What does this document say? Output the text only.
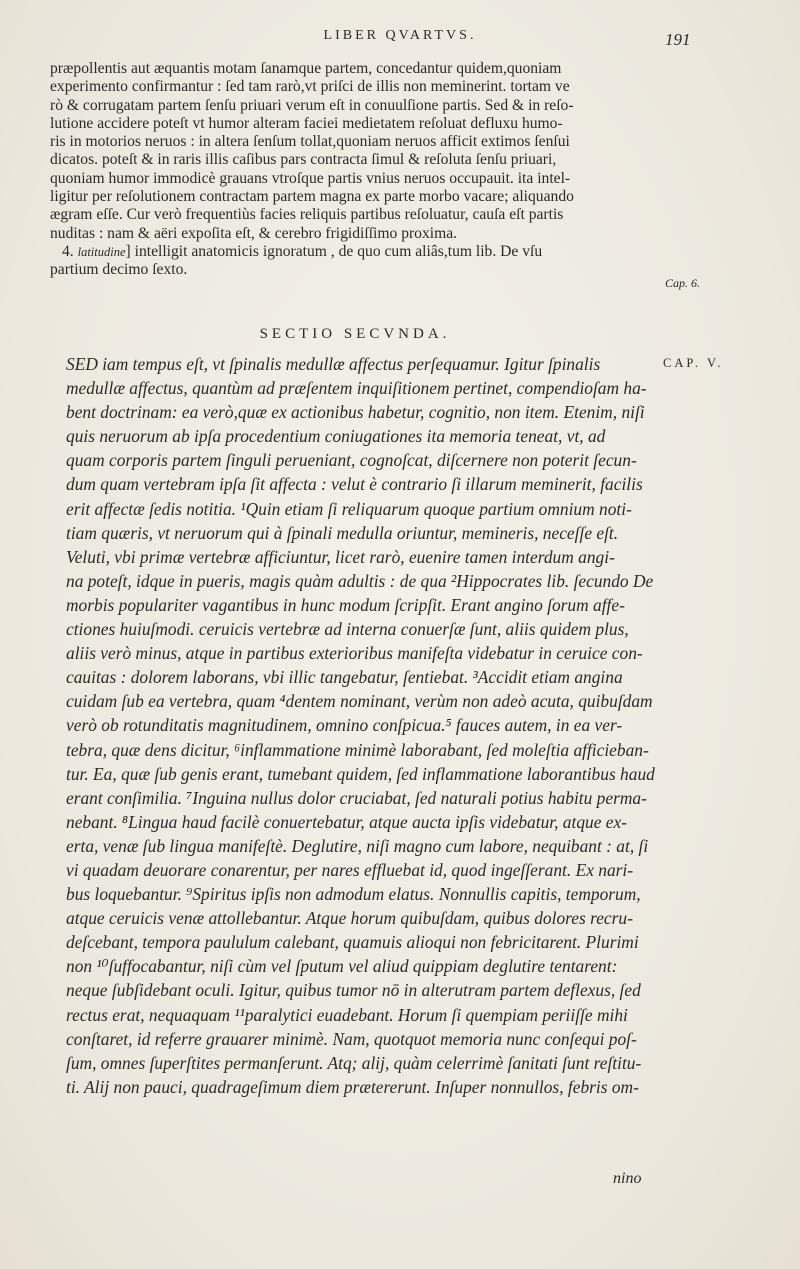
LIBER QVARTVS.	191
præpollentis aut æquantis motam ſanamque partem, concedantur quidem,quoniam
experimento confirmantur : ſed tam rarò,vt priſci de illis non meminerint. tortam ve
rò & corrugatam partem ſenſu priuari verum eſt in conuulſione partis. Sed & in reſo-
lutione accidere poteſt vt humor alteram faciei medietatem reſoluat defluxu humo-
ris in motorios neruos : in altera ſenſum tollat,quoniam neruos afficit extimos ſenſui
dicatos. poteſt & in raris illis caſibus pars contracta ſimul & reſoluta ſenſu priuari,
quoniam humor immodicè grauans vtroſque partis vnius neruos occupauit. ita intel-
ligitur per reſolutionem contractam partem magna ex parte morbo vacare; aliquando
ægram eſſe. Cur verò frequentiùs facies reliquis partibus reſoluatur, cauſa eſt partis
nuditas : nam & aëri expoſita eſt, & cerebro frigidiſſimo proxima.
4. latitudine] intelligit anatomicis ignoratum , de quo cum aliâs,tum lib. De vſu
partium decimo ſexto.
Cap. 6.
SECTIO SECVNDA.
CAP. V.
SED iam tempus eſt, vt ſpinalis medullæ affectus perſequamur. Igitur ſpinalis
medullæ affectus, quantùm ad præſentem inquiſitionem pertinet, compendioſam ha-
bent doctrinam: ea verò,quæ ex actionibus habetur, cognitio, non item. Etenim, niſi
quis neruorum ab ipſa procedentium coniugationes ita memoria teneat, vt, ad
quam corporis partem ſinguli perueniant, cognoſcat, diſcernere non poterit ſecun-
dum quam vertebram ipſa ſit affecta : velut è contrario ſi illarum meminerit, facilis
erit affectæ ſedis notitia. ¹Quin etiam ſi reliquarum quoque partium omnium noti-
tiam quæris, vt neruorum qui à ſpinali medulla oriuntur, memineris, neceſſe eſt.
Veluti, vbi primæ vertebræ afficiuntur, licet rarò, euenire tamen interdum angi-
na poteſt, idque in pueris, magis quàm adultis : de qua ²Hippocrates lib. ſecundo De
morbis populariter vagantibus in hunc modum ſcripſit. Erant angino ſorum affe-
ctiones huiuſmodi. ceruicis vertebræ ad interna conuerſæ ſunt, aliis quidem plus,
aliis verò minus, atque in partibus exterioribus manifeſta videbatur in ceruice con-
cauitas : dolorem laborans, vbi illic tangebatur, ſentiebat. ³Accidit etiam angina
cuidam ſub ea vertebra, quam ⁴dentem nominant, verùm non adeò acuta, quibuſdam
verò ob rotunditatis magnitudinem, omnino conſpicua.⁵ fauces autem, in ea ver-
tebra, quæ dens dicitur, ⁶inflammatione minimè laborabant, ſed moleſtia afficieban-
tur. Ea, quæ ſub genis erant, tumebant quidem, ſed inflammatione laborantibus haud
erant conſimilia. ⁷Inguina nullus dolor cruciabat, ſed naturali potius habitu perma-
nebant. ⁸Lingua haud facilè conuertebatur, atque aucta ipſis videbatur, atque ex-
erta, venæ ſub lingua manifeſtè. Deglutire, niſi magno cum labore, nequibant : at, ſi
vi quadam deuorare conarentur, per nares effluebat id, quod ingeſſerant. Ex nari-
bus loquebantur. ⁹Spiritus ipſis non admodum elatus. Nonnullis capitis, temporum,
atque ceruicis venæ attollebantur. Atque horum quibuſdam, quibus dolores recru-
deſcebant, tempora paululum calebant, quamuis alioqui non febricitarent. Plurimi
non ¹⁰ſuffocabantur, niſi cùm vel ſputum vel aliud quippiam deglutire tentarent:
neque ſubſidebant oculi. Igitur, quibus tumor nō in alterutram partem deflexus, ſed
rectus erat, nequaquam ¹¹paralytici euadebant. Horum ſi quempiam periiſſe mihi
conſtaret, id referre grauarer minimè. Nam, quotquot memoria nunc conſequi poſ-
ſum, omnes ſuperſtites permanſerunt. Atq; alij, quàm celerrimè ſanitati ſunt reſtitu-
ti. Alij non pauci, quadrageſimum diem prætererunt. Inſuper nonnullos, febris om-
nino
